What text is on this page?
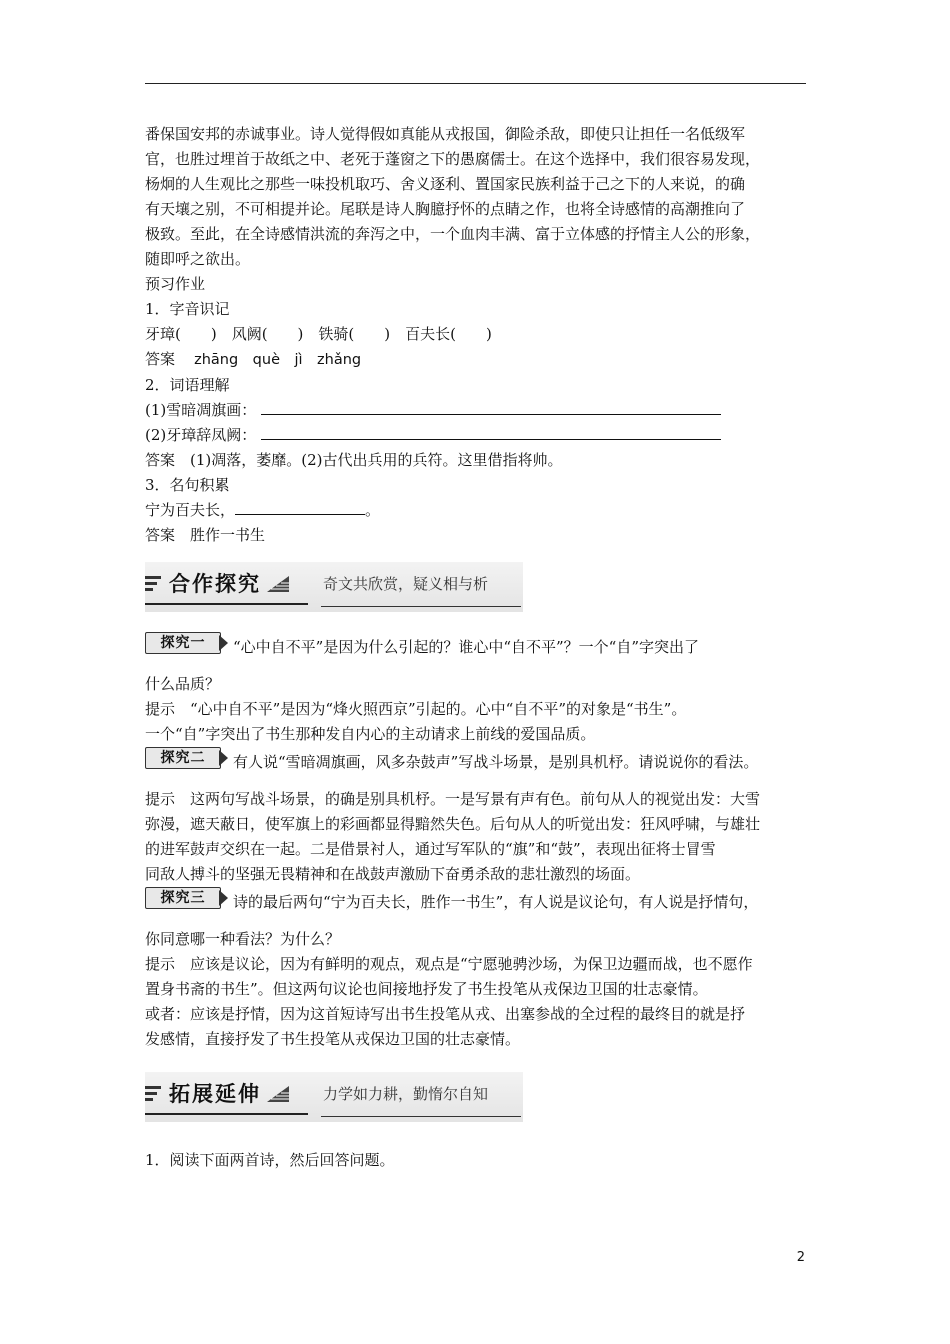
番保国安邦的赤诚事业。诗人觉得假如真能从戎报国，御险杀敌，即使只让担任一名低级军

官，也胜过埋首于故纸之中、老死于蓬窗之下的愚腐儒士。在这个选择中，我们很容易发现，

杨炯的人生观比之那些一味投机取巧、舍义逐利、置国家民族利益于己之下的人来说，的确

有天壤之别，不可相提并论。尾联是诗人胸臆抒怀的点睛之作，也将全诗感情的高潮推向了

极致。至此，在全诗感情洪流的奔泻之中，一个血肉丰满、富于立体感的抒情主人公的形象，

随即呼之欲出。

预习作业

1．字音识记

牙璋(　　)　风阙(　　)　铁骑(　　)　百夫长(　　)

答案 zhāng　què　jì　zhǎng

2．词语理解

(1)雪暗凋旗画：

(2)牙璋辞凤阙：

答案　(1)凋落，萎靡。(2)古代出兵用的兵符。这里借指将帅。

3．名句积累

宁为百夫长，	。

答案　胜作一书生

合作探究	奇文共欣赏，疑义相与析

探究一	“心中自不平”是因为什么引起的？谁心中“自不平”？一个“自”字突出了

什么品质？

提示　“心中自不平”是因为“烽火照西京”引起的。心中“自不平”的对象是“书生”。

一个“自”字突出了书生那种发自内心的主动请求上前线的爱国品质。

探究二	有人说“雪暗凋旗画，风多杂鼓声”写战斗场景，是别具机杼。请说说你的看法。

提示　这两句写战斗场景，的确是别具机杼。一是写景有声有色。前句从人的视觉出发：大雪

弥漫，遮天蔽日，使军旗上的彩画都显得黯然失色。后句从人的听觉出发：狂风呼啸，与雄壮

的进军鼓声交织在一起。二是借景衬人，通过写军队的“旗”和“鼓”，表现出征将士冒雪

同敌人搏斗的坚强无畏精神和在战鼓声激励下奋勇杀敌的悲壮激烈的场面。

探究三	诗的最后两句“宁为百夫长，胜作一书生”，有人说是议论句，有人说是抒情句，

你同意哪一种看法？为什么？

提示　应该是议论，因为有鲜明的观点，观点是“宁愿驰骋沙场，为保卫边疆而战，也不愿作

置身书斋的书生”。但这两句议论也间接地抒发了书生投笔从戎保边卫国的壮志豪情。

或者：应该是抒情，因为这首短诗写出书生投笔从戎、出塞参战的全过程的最终目的就是抒

发感情，直接抒发了书生投笔从戎保边卫国的壮志豪情。

拓展延伸	力学如力耕，勤惰尔自知

1．阅读下面两首诗，然后回答问题。

2
